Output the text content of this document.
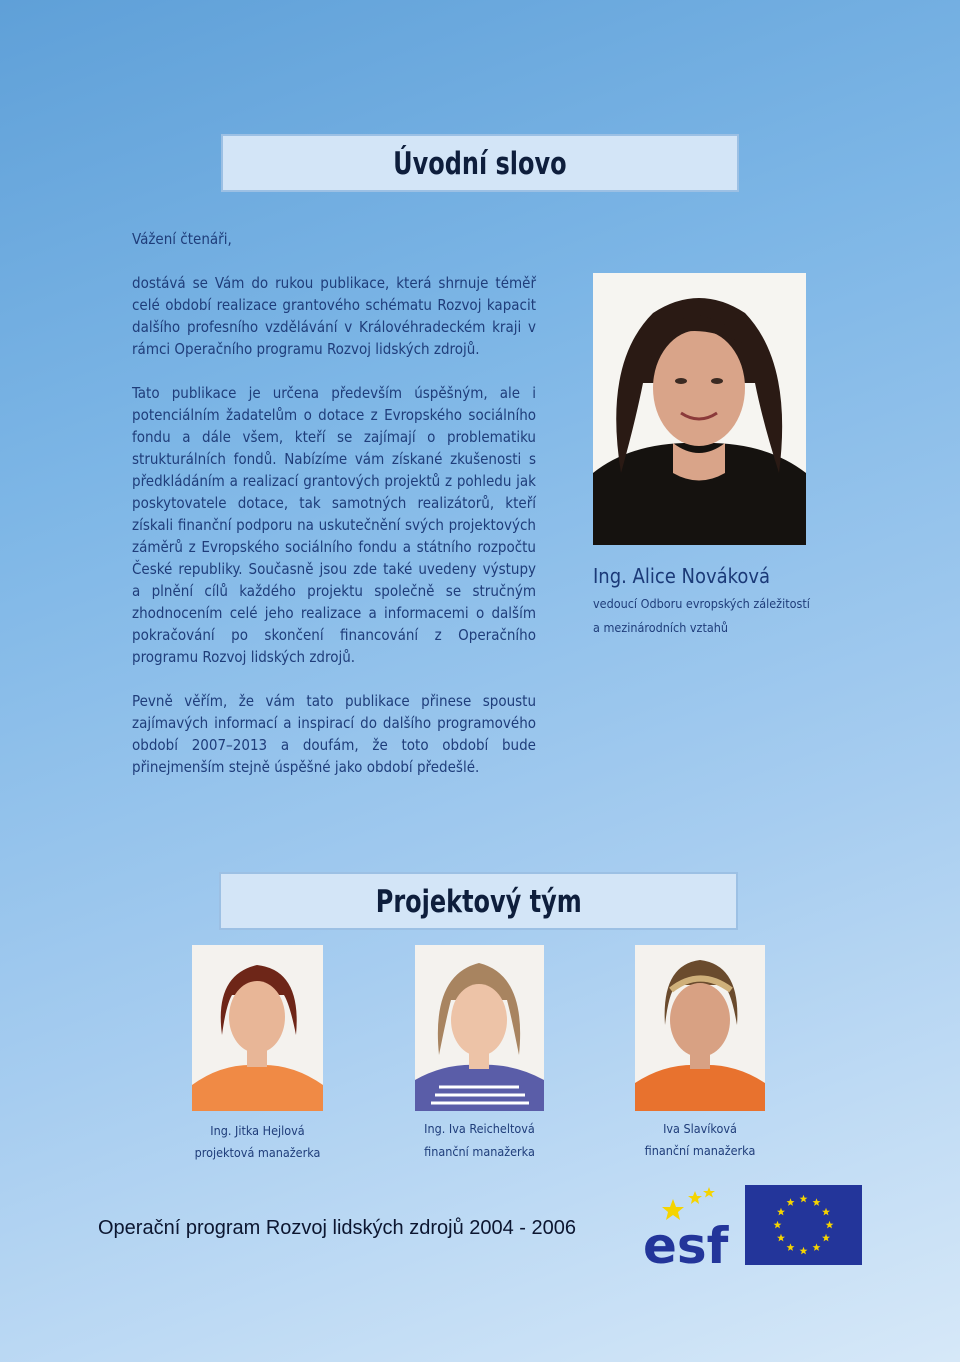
Úvodní slovo

Vážení čtenáři,

dostává se Vám do rukou publikace, která shrnuje téměř celé období realizace grantového schématu Rozvoj kapacit dalšího profesního vzdělávání v Královéhradeckém kraji v rámci Operačního programu Rozvoj lidských zdrojů.

Tato publikace je určena především úspěšným, ale i potenciálním žadatelům o dotace z Evropského sociálního fondu a dále všem, kteří se zajímají o problematiku strukturálních fondů. Nabízíme vám získané zkušenosti s předkládáním a realizací grantových projektů z pohledu jak poskytovatele dotace, tak samotných realizátorů, kteří získali finanční podporu na uskutečnění svých projektových záměrů z Evropského sociálního fondu a státního rozpočtu České republiky. Současně jsou zde také uvedeny výstupy a plnění cílů každého projektu společně se stručným zhodnocením celé jeho realizace a informacemi o dalším pokračování po skončení financování z Operačního programu Rozvoj lidských zdrojů.

Pevně věřím, že vám tato publikace přinese spoustu zajímavých informací a inspirací do dalšího programového období 2007–2013 a doufám, že toto období bude přinejmenším stejně úspěšné jako období předešlé.

Ing. Alice Nováková
vedoucí Odboru evropských záležitostí
a mezinárodních vztahů
Projektový tým
Ing. Jitka Hejlová
projektová manažerka
Ing. Iva Reicheltová
finanční manažerka
Iva Slavíková
finanční manažerka
Operační program Rozvoj lidských zdrojů 2004 - 2006 esf
